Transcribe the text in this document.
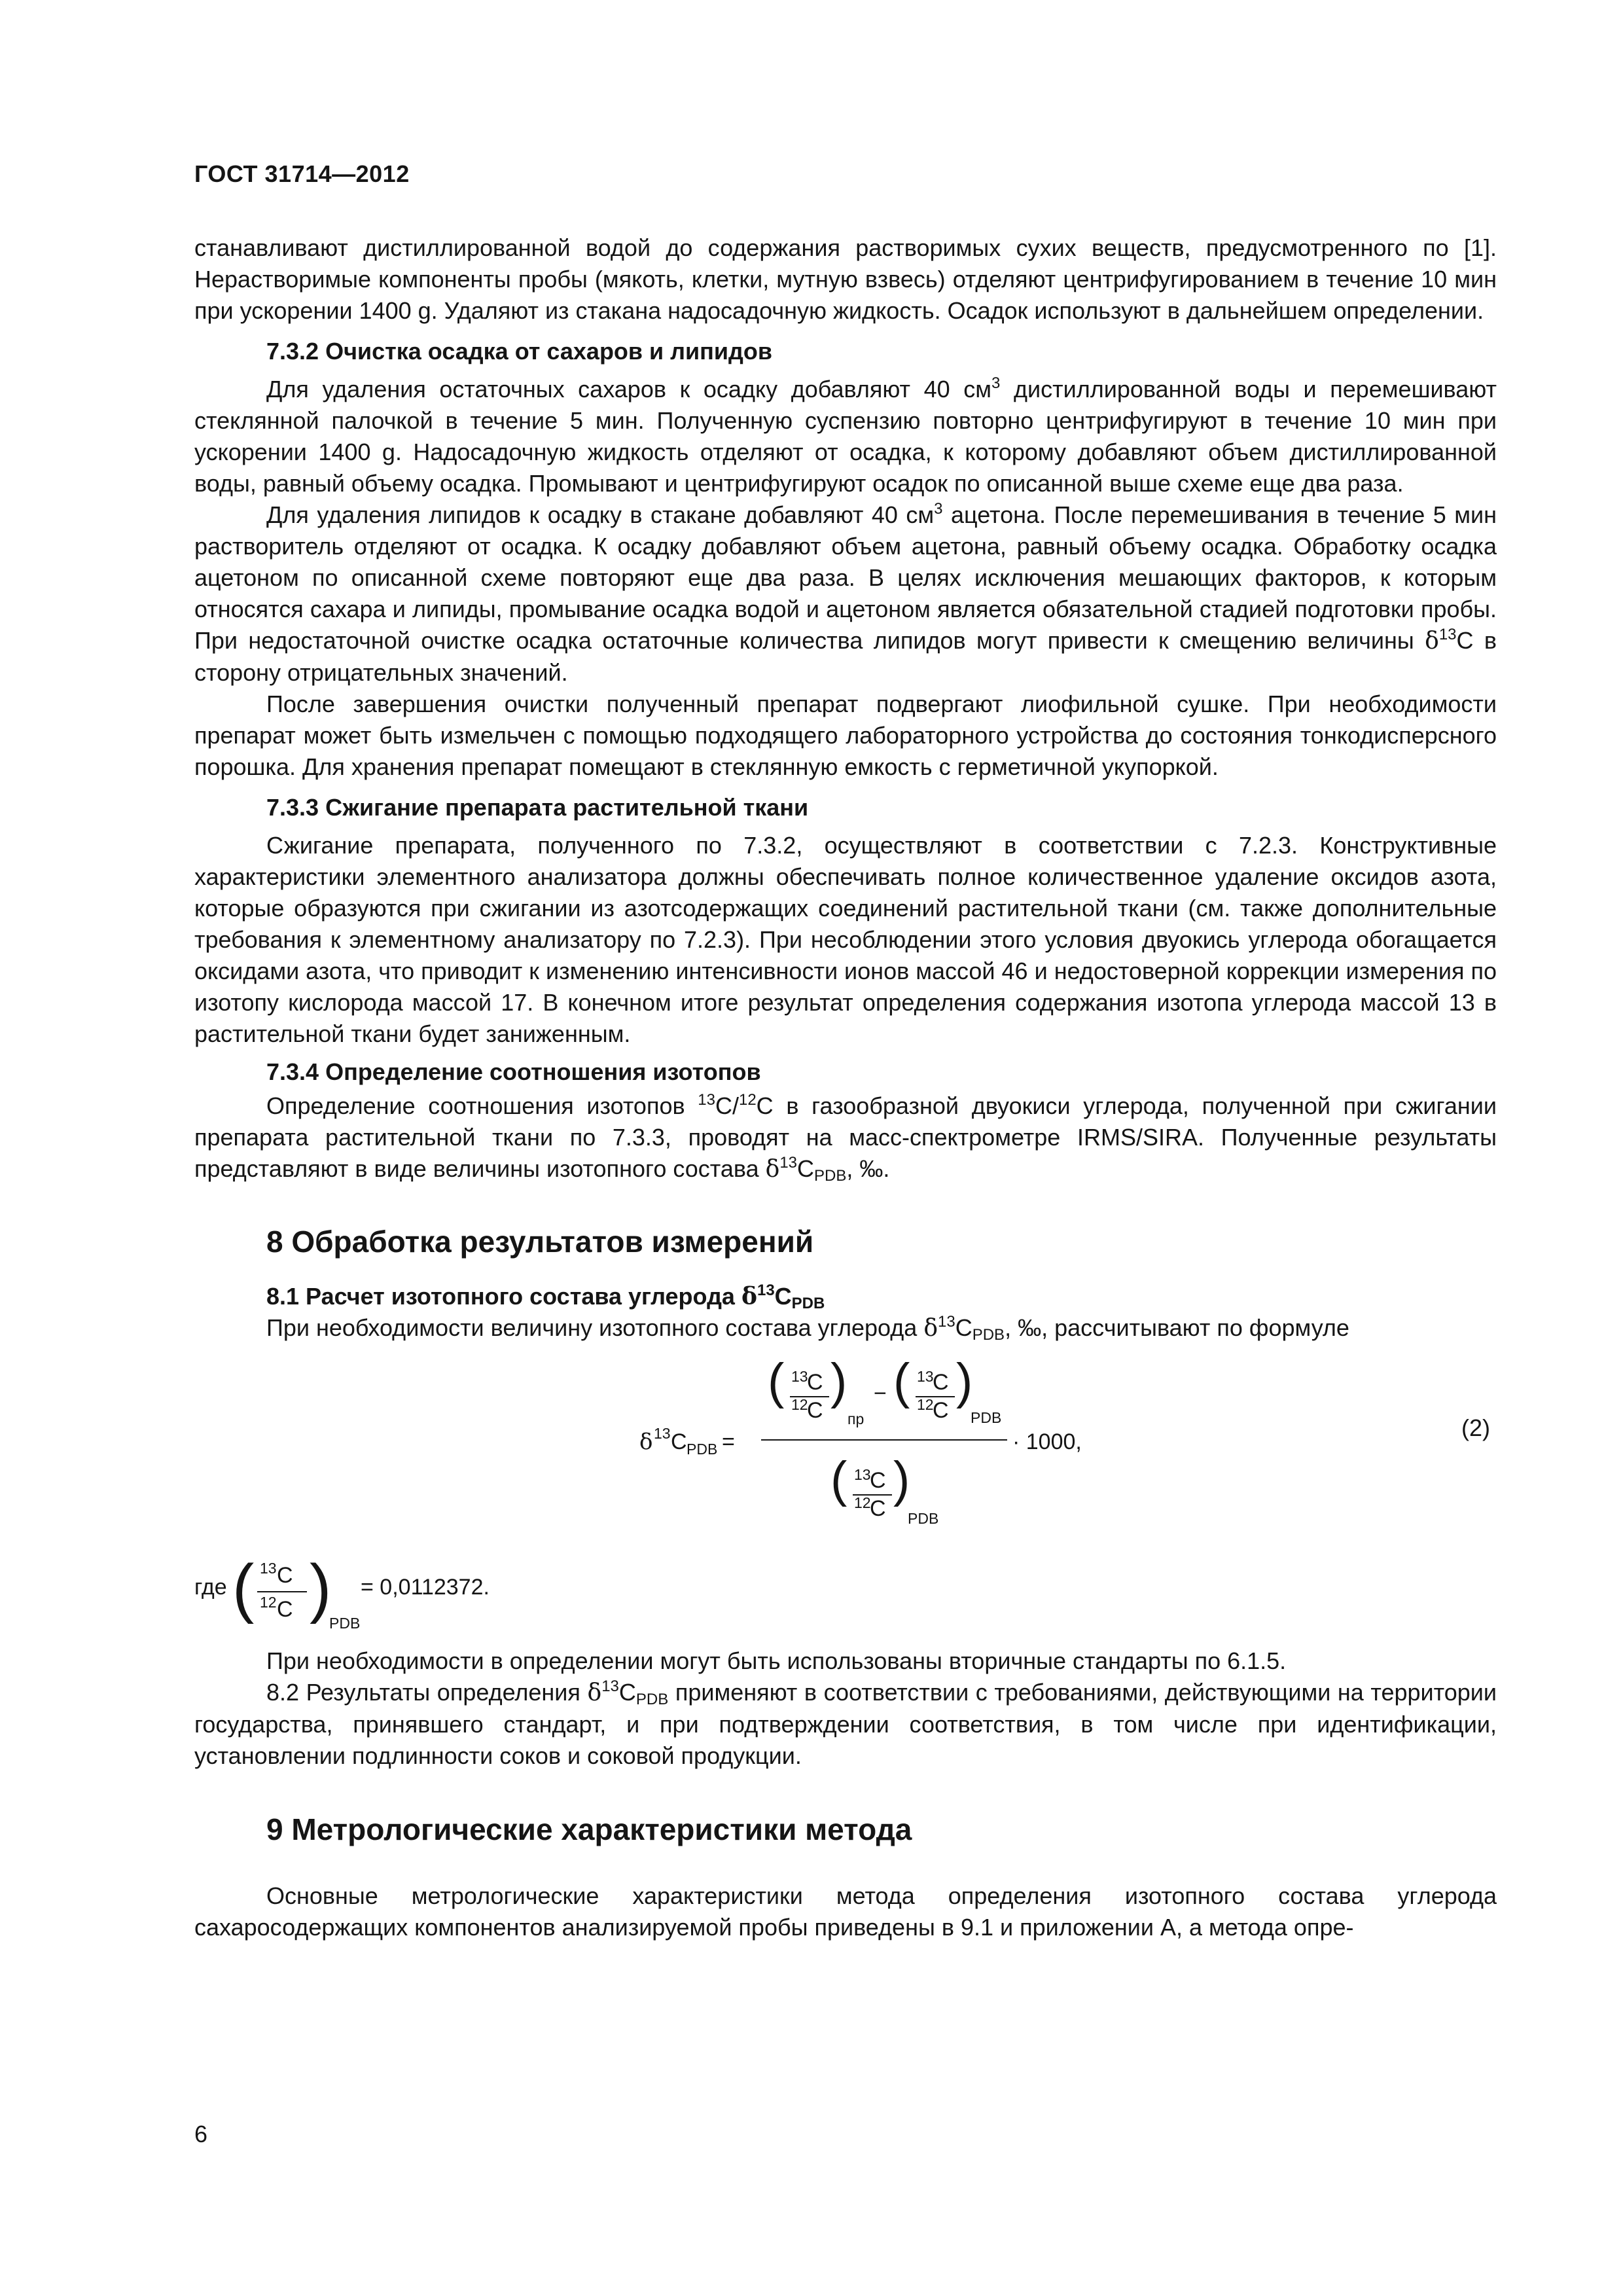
ГОСТ 31714—2012

станавливают дистиллированной водой до содержания растворимых сухих веществ, предусмотренного по [1]. Нерастворимые компоненты пробы (мякоть, клетки, мутную взвесь) отделяют центрифугированием в течение 10 мин при ускорении 1400 g. Удаляют из стакана надосадочную жидкость. Осадок используют в дальнейшем определении.

7.3.2 Очистка осадка от сахаров и липидов

Для удаления остаточных сахаров к осадку добавляют 40 $см^3$ дистиллированной воды и перемешивают стеклянной палочкой в течение 5 мин. Полученную суспензию повторно центрифугируют в течение 10 мин при ускорении 1400 g. Надосадочную жидкость отделяют от осадка, к которому добавляют объем дистиллированной воды, равный объему осадка. Промывают и центрифугируют осадок по описанной выше схеме еще два раза.

Для удаления липидов к осадку в стакане добавляют 40 $см^3$ ацетона. После перемешивания в течение 5 мин растворитель отделяют от осадка. К осадку добавляют объем ацетона, равный объему осадка. Обработку осадка ацетоном по описанной схеме повторяют еще два раза. В целях исключения мешающих факторов, к которым относятся сахара и липиды, промывание осадка водой и ацетоном является обязательной стадией подготовки пробы. При недостаточной очистке осадка остаточные количества липидов могут привести к смещению величины $\delta^{13}С$ в сторону отрицательных значений.

После завершения очистки полученный препарат подвергают лиофильной сушке. При необходимости препарат может быть измельчен с помощью подходящего лабораторного устройства до состояния тонкодисперсного порошка. Для хранения препарат помещают в стеклянную емкость с герметичной укупоркой.

7.3.3 Сжигание препарата растительной ткани

Сжигание препарата, полученного по 7.3.2, осуществляют в соответствии с 7.2.3. Конструктивные характеристики элементного анализатора должны обеспечивать полное количественное удаление оксидов азота, которые образуются при сжигании из азотсодержащих соединений растительной ткани (см. также дополнительные требования к элементному анализатору по 7.2.3). При несоблюдении этого условия двуокись углерода обогащается оксидами азота, что приводит к изменению интенсивности ионов массой 46 и недостоверной коррекции измерения по изотопу кислорода массой 17. В конечном итоге результат определения содержания изотопа углерода массой 13 в растительной ткани будет заниженным.

7.3.4 Определение соотношения изотопов

Определение соотношения изотопов $^{13}$С/$^{12}$С в газообразной двуокиси углерода, полученной при сжигании препарата растительной ткани по 7.3.3, проводят на масс-спектрометре IRMS/SIRA. Полученные результаты представляют в виде величины изотопного состава $\delta^{13}С_{PDB}$, ‰.

8 Обработка результатов измерений
8.1 Расчет изотопного состава углерода $\delta^{13}С_{PDB}$

При необходимости величину изотопного состава углерода $\delta^{13}С_{PDB}$, ‰, рассчитывают по формуле

δ 13 С PDB =
( 13
С
12
С
)
пр
− ( 13
С
12
С
)
PDB
· 1000,
( 13
С
12
С
)
PDB
(2)
где ( 13 С
12 С )
PDB
= 0,0112372.

При необходимости в определении могут быть использованы вторичные стандарты по 6.1.5.

8.2 Результаты определения $\delta^{13}С_{PDB}$ применяют в соответствии с требованиями, действующими на территории государства, принявшего стандарт, и при подтверждении соответствия, в том числе при идентификации, установлении подлинности соков и соковой продукции.

9 Метрологические характеристики метода

Основные метрологические характеристики метода определения изотопного состава углерода сахаросодержащих компонентов анализируемой пробы приведены в 9.1 и приложении А, а метода опре-

6
